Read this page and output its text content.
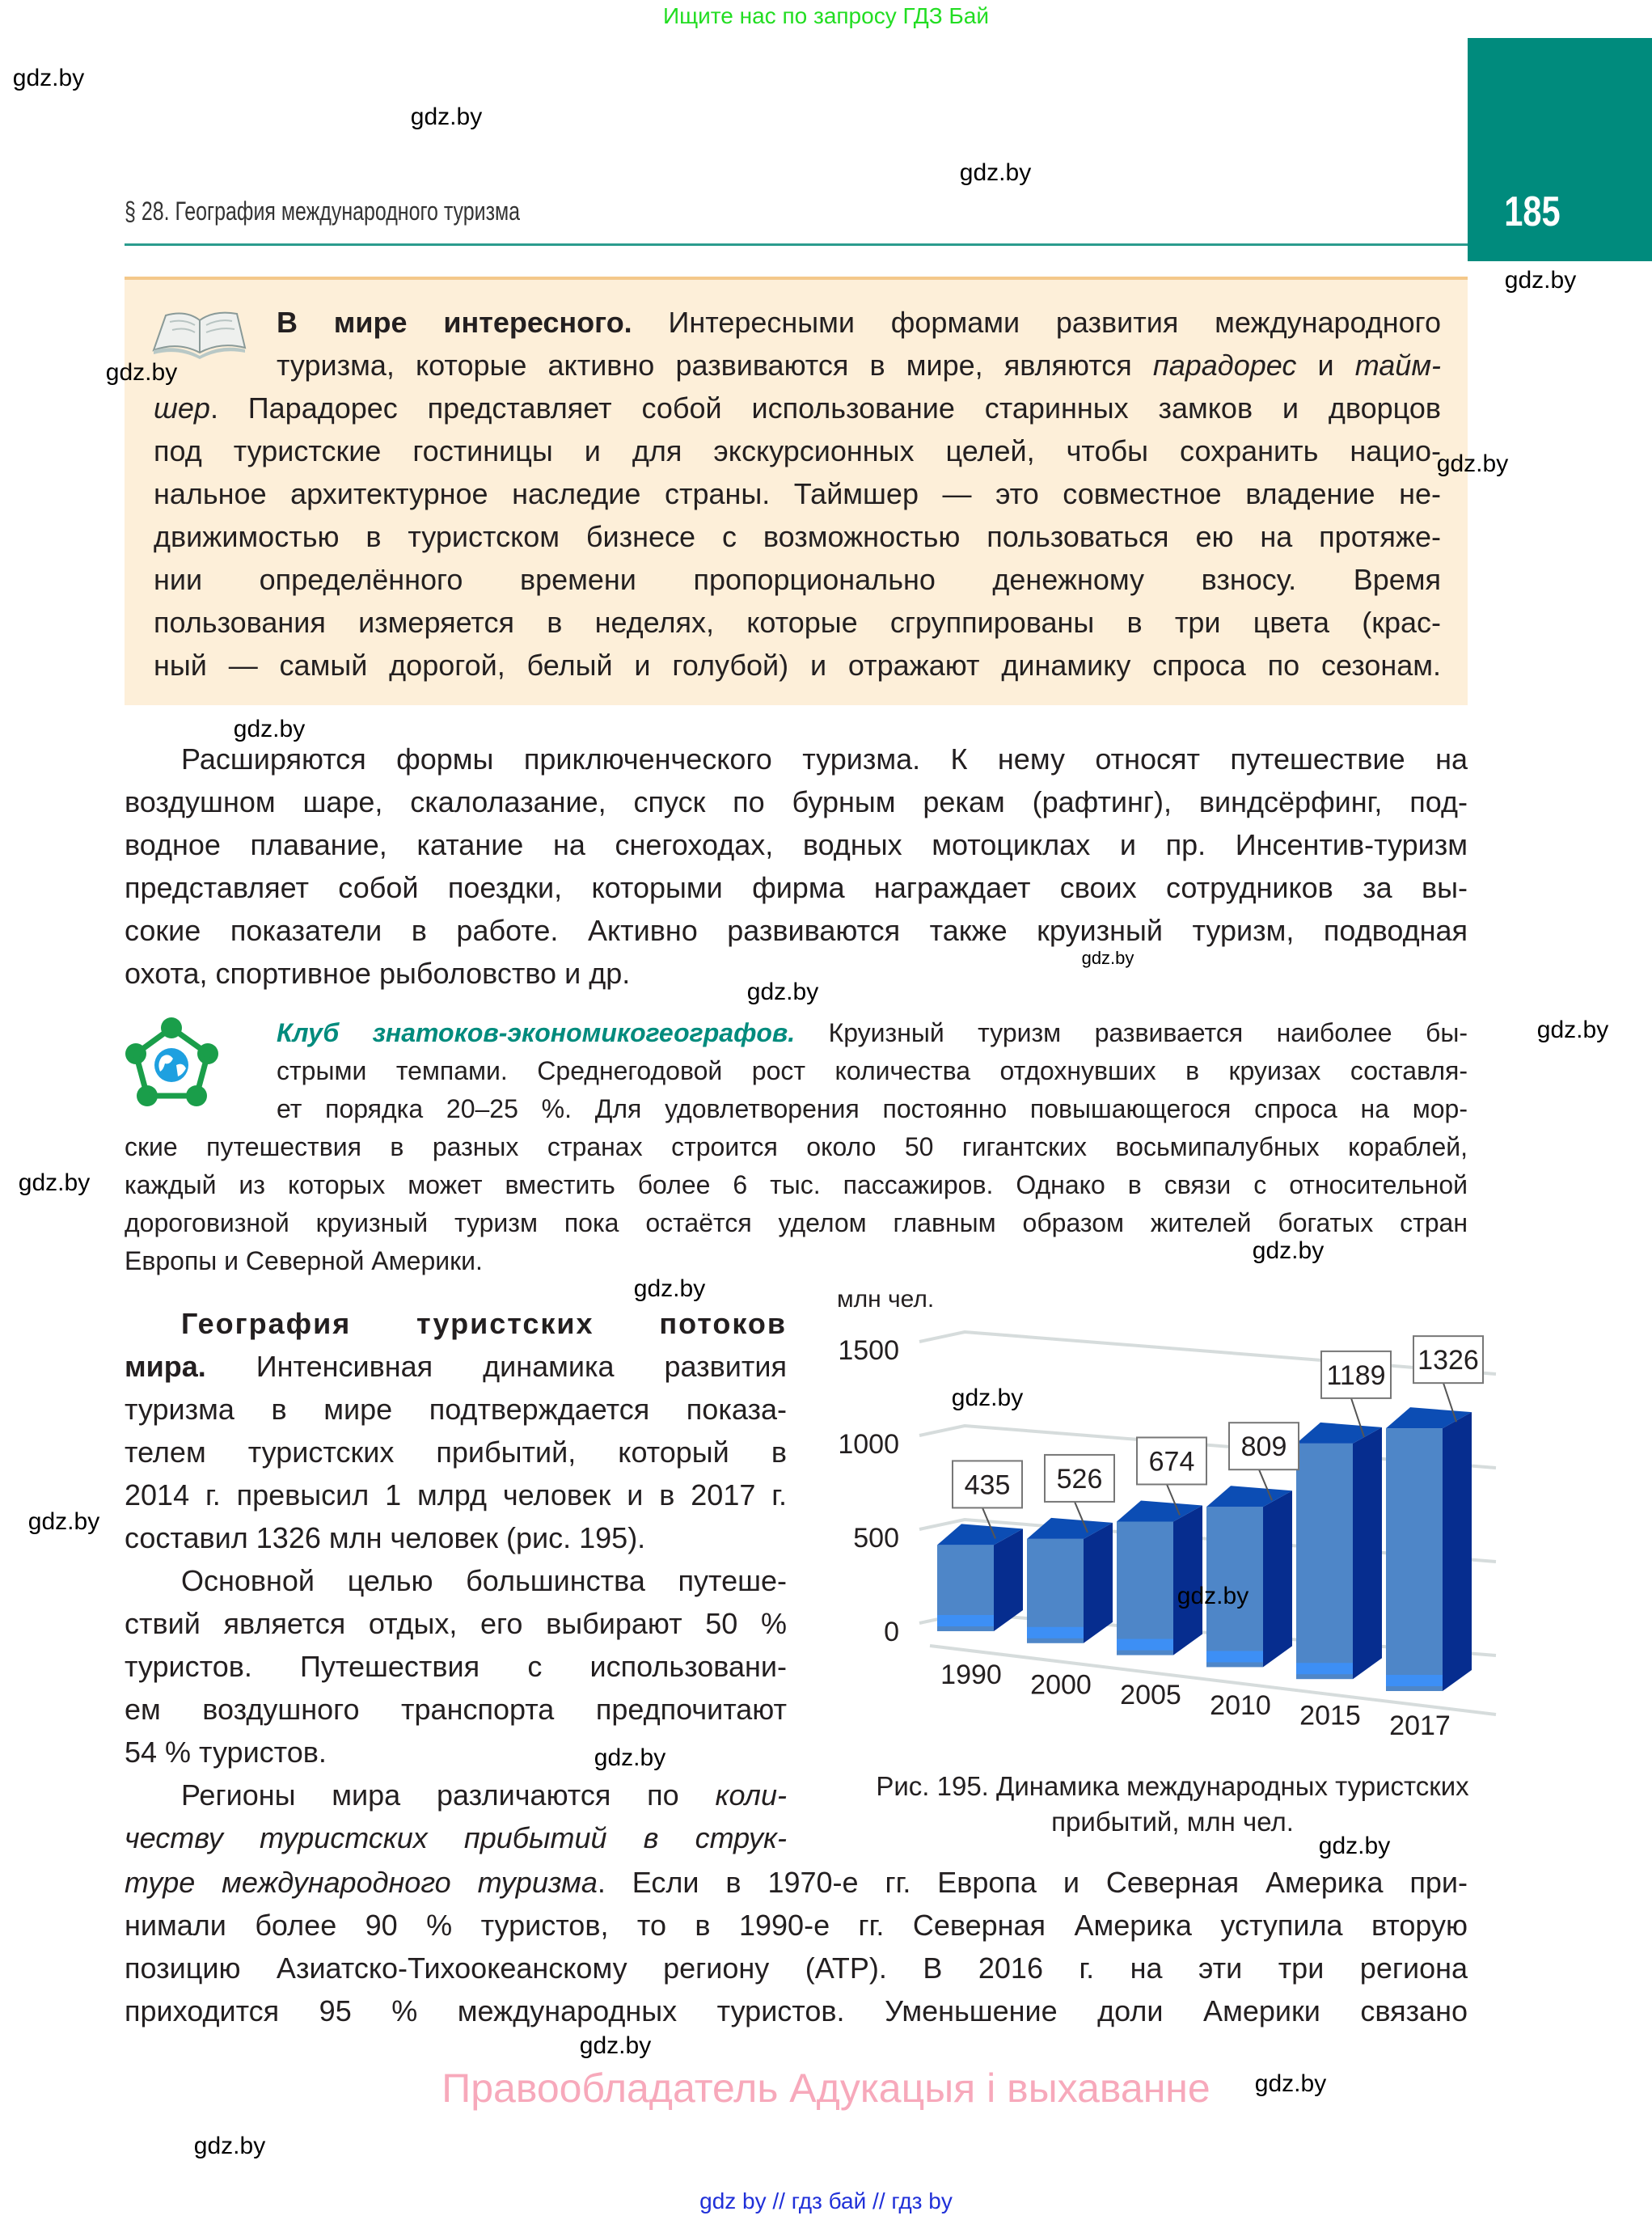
Ищите нас по запросу ГДЗ Бай
185
§ 28. География международного туризма
В мире интересного. Интересными формами развития международного
туризма, которые активно развиваются в мире, являются парадорес и тайм-
шер. Парадорес представляет собой использование старинных замков и дворцов
под туристские гостиницы и для экскурсионных целей, чтобы сохранить нацио-
нальное архитектурное наследие страны. Таймшер — это совместное владение не-
движимостью в туристском бизнесе с возможностью пользоваться ею на протяже-
нии определённого времени пропорционально денежному взносу. Время
пользования измеряется в неделях, которые сгруппированы в три цвета (крас-
ный — самый дорогой, белый и голубой) и отражают динамику спроса по сезонам.
Расширяются формы приключенческого туризма. К нему относят путешествие на
воздушном шаре, скалолазание, спуск по бурным рекам (рафтинг), виндсёрфинг, под-
водное плавание, катание на снегоходах, водных мотоциклах и пр. Инсентив-туризм
представляет собой поездки, которыми фирма награждает своих сотрудников за вы-
сокие показатели в работе. Активно развиваются также круизный туризм, подводная
охота, спортивное рыболовство и др.
Клуб знатоков-экономикогеографов. Круизный туризм развивается наиболее бы-
стрыми темпами. Среднегодовой рост количества отдохнувших в круизах составля-
ет порядка 20–25 %. Для удовлетворения постоянно повышающегося спроса на мор-
ские путешествия в разных странах строится около 50 гигантских восьмипалубных кораблей,
каждый из которых может вместить более 6 тыс. пассажиров. Однако в связи с относительной
дороговизной круизный туризм пока остаётся уделом главным образом жителей богатых стран
Европы и Северной Америки.
География туристских потоков
мира. Интенсивная динамика развития
туризма в мире подтверждается показа-
телем туристских прибытий, который в
2014 г. превысил 1 млрд человек и в 2017 г.
составил 1326 млн человек (рис. 195).
Основной целью большинства путеше-
ствий является отдых, его выбирают 50 %
туристов. Путешествия с использовани-
ем воздушного транспорта предпочитают
54 % туристов.
Регионы мира различаются по коли-
честву туристских прибытий в струк-
туре международного туризма. Если в 1970-е гг. Европа и Северная Америка при-
нимали более 90 % туристов, то в 1990-е гг. Северная Америка уступила вторую
позицию Азиатско-Тихоокеанскому региону (АТР). В 2016 г. на эти три региона
приходится 95 % международных туристов. Уменьшение доли Америки связано
млн чел.
0
500
1000
1500
435
1990
526
2000
674
2005
809
2010
1189
2015
1326
2017
Рис. 195. Динамика международных туристских
прибытий, млн чел.
gdz.by
gdz.by
gdz.by
gdz.by
gdz.by
gdz.by
gdz.by
gdz.by
gdz.by
gdz.by
gdz.by
gdz.by
gdz.by
gdz.by
gdz.by
gdz.by
gdz.by
gdz.by
gdz.by
gdz.by
gdz.by
Правообладатель Адукацыя і выхаванне
gdz by // гдз бай // гдз by
